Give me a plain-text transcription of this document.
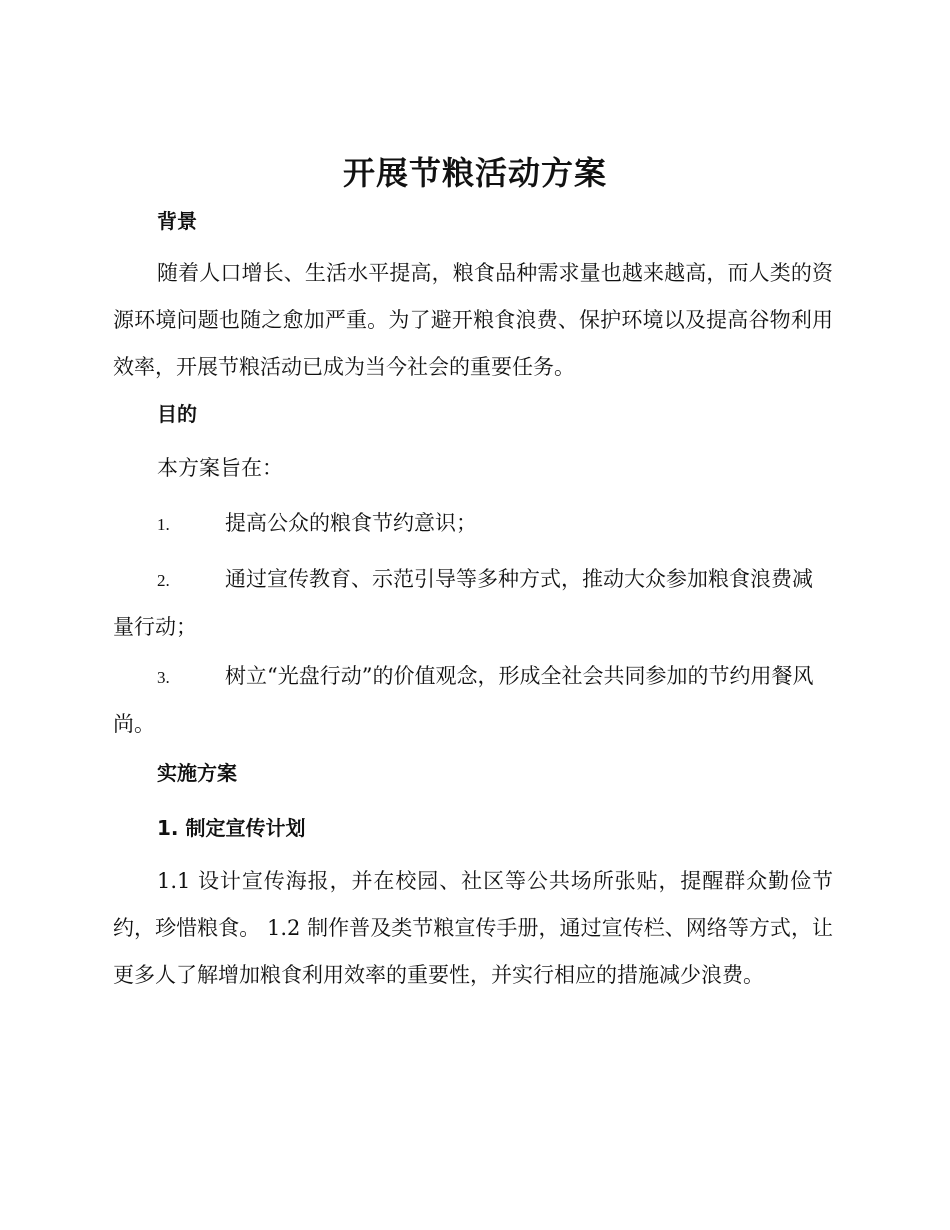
开展节粮活动方案
背景

随着人口增长、生活水平提高，粮食品种需求量也越来越高，而人类的资源环境问题也随之愈加严重。为了避开粮食浪费、保护环境以及提高谷物利用效率，开展节粮活动已成为当今社会的重要任务。

目的

本方案旨在：

1.	提高公众的粮食节约意识；

2.	通过宣传教育、示范引导等多种方式，推动大众参加粮食浪费减量行动；

3.	树立“光盘行动”的价值观念，形成全社会共同参加的节约用餐风尚。

实施方案
1. 制定宣传计划

1.1 设计宣传海报，并在校园、社区等公共场所张贴，提醒群众勤俭节约，珍惜粮食。 1.2 制作普及类节粮宣传手册，通过宣传栏、网络等方式，让更多人了解增加粮食利用效率的重要性，并实行相应的措施减少浪费。
